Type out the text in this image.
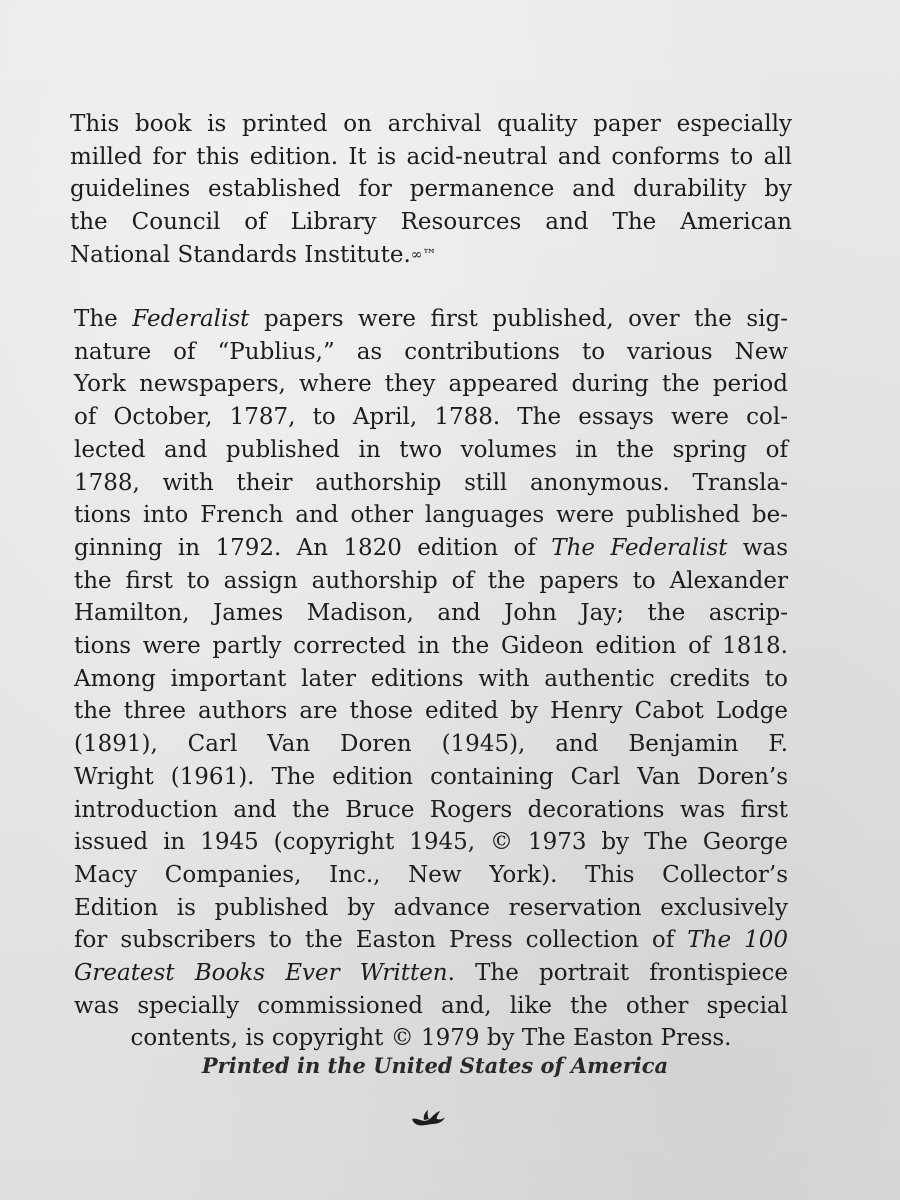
This book is printed on archival quality paper especially
milled for this edition. It is acid-neutral and conforms to all
guidelines established for permanence and durability by
the Council of Library Resources and The American
National Standards Institute.∞™

The Federalist papers were first published, over the sig-
nature of “Publius,” as contributions to various New
York newspapers, where they appeared during the period
of October, 1787, to April, 1788. The essays were col-
lected and published in two volumes in the spring of
1788, with their authorship still anonymous. Transla-
tions into French and other languages were published be-
ginning in 1792. An 1820 edition of The Federalist was
the first to assign authorship of the papers to Alexander
Hamilton, James Madison, and John Jay; the ascrip-
tions were partly corrected in the Gideon edition of 1818.
Among important later editions with authentic credits to
the three authors are those edited by Henry Cabot Lodge
(1891), Carl Van Doren (1945), and Benjamin F.
Wright (1961). The edition containing Carl Van Doren’s
introduction and the Bruce Rogers decorations was first
issued in 1945 (copyright 1945, © 1973 by The George
Macy Companies, Inc., New York). This Collector’s
Edition is published by advance reservation exclusively
for subscribers to the Easton Press collection of The 100
Greatest Books Ever Written. The portrait frontispiece
was specially commissioned and, like the other special
contents, is copyright © 1979 by The Easton Press.

Printed in the United States of America
